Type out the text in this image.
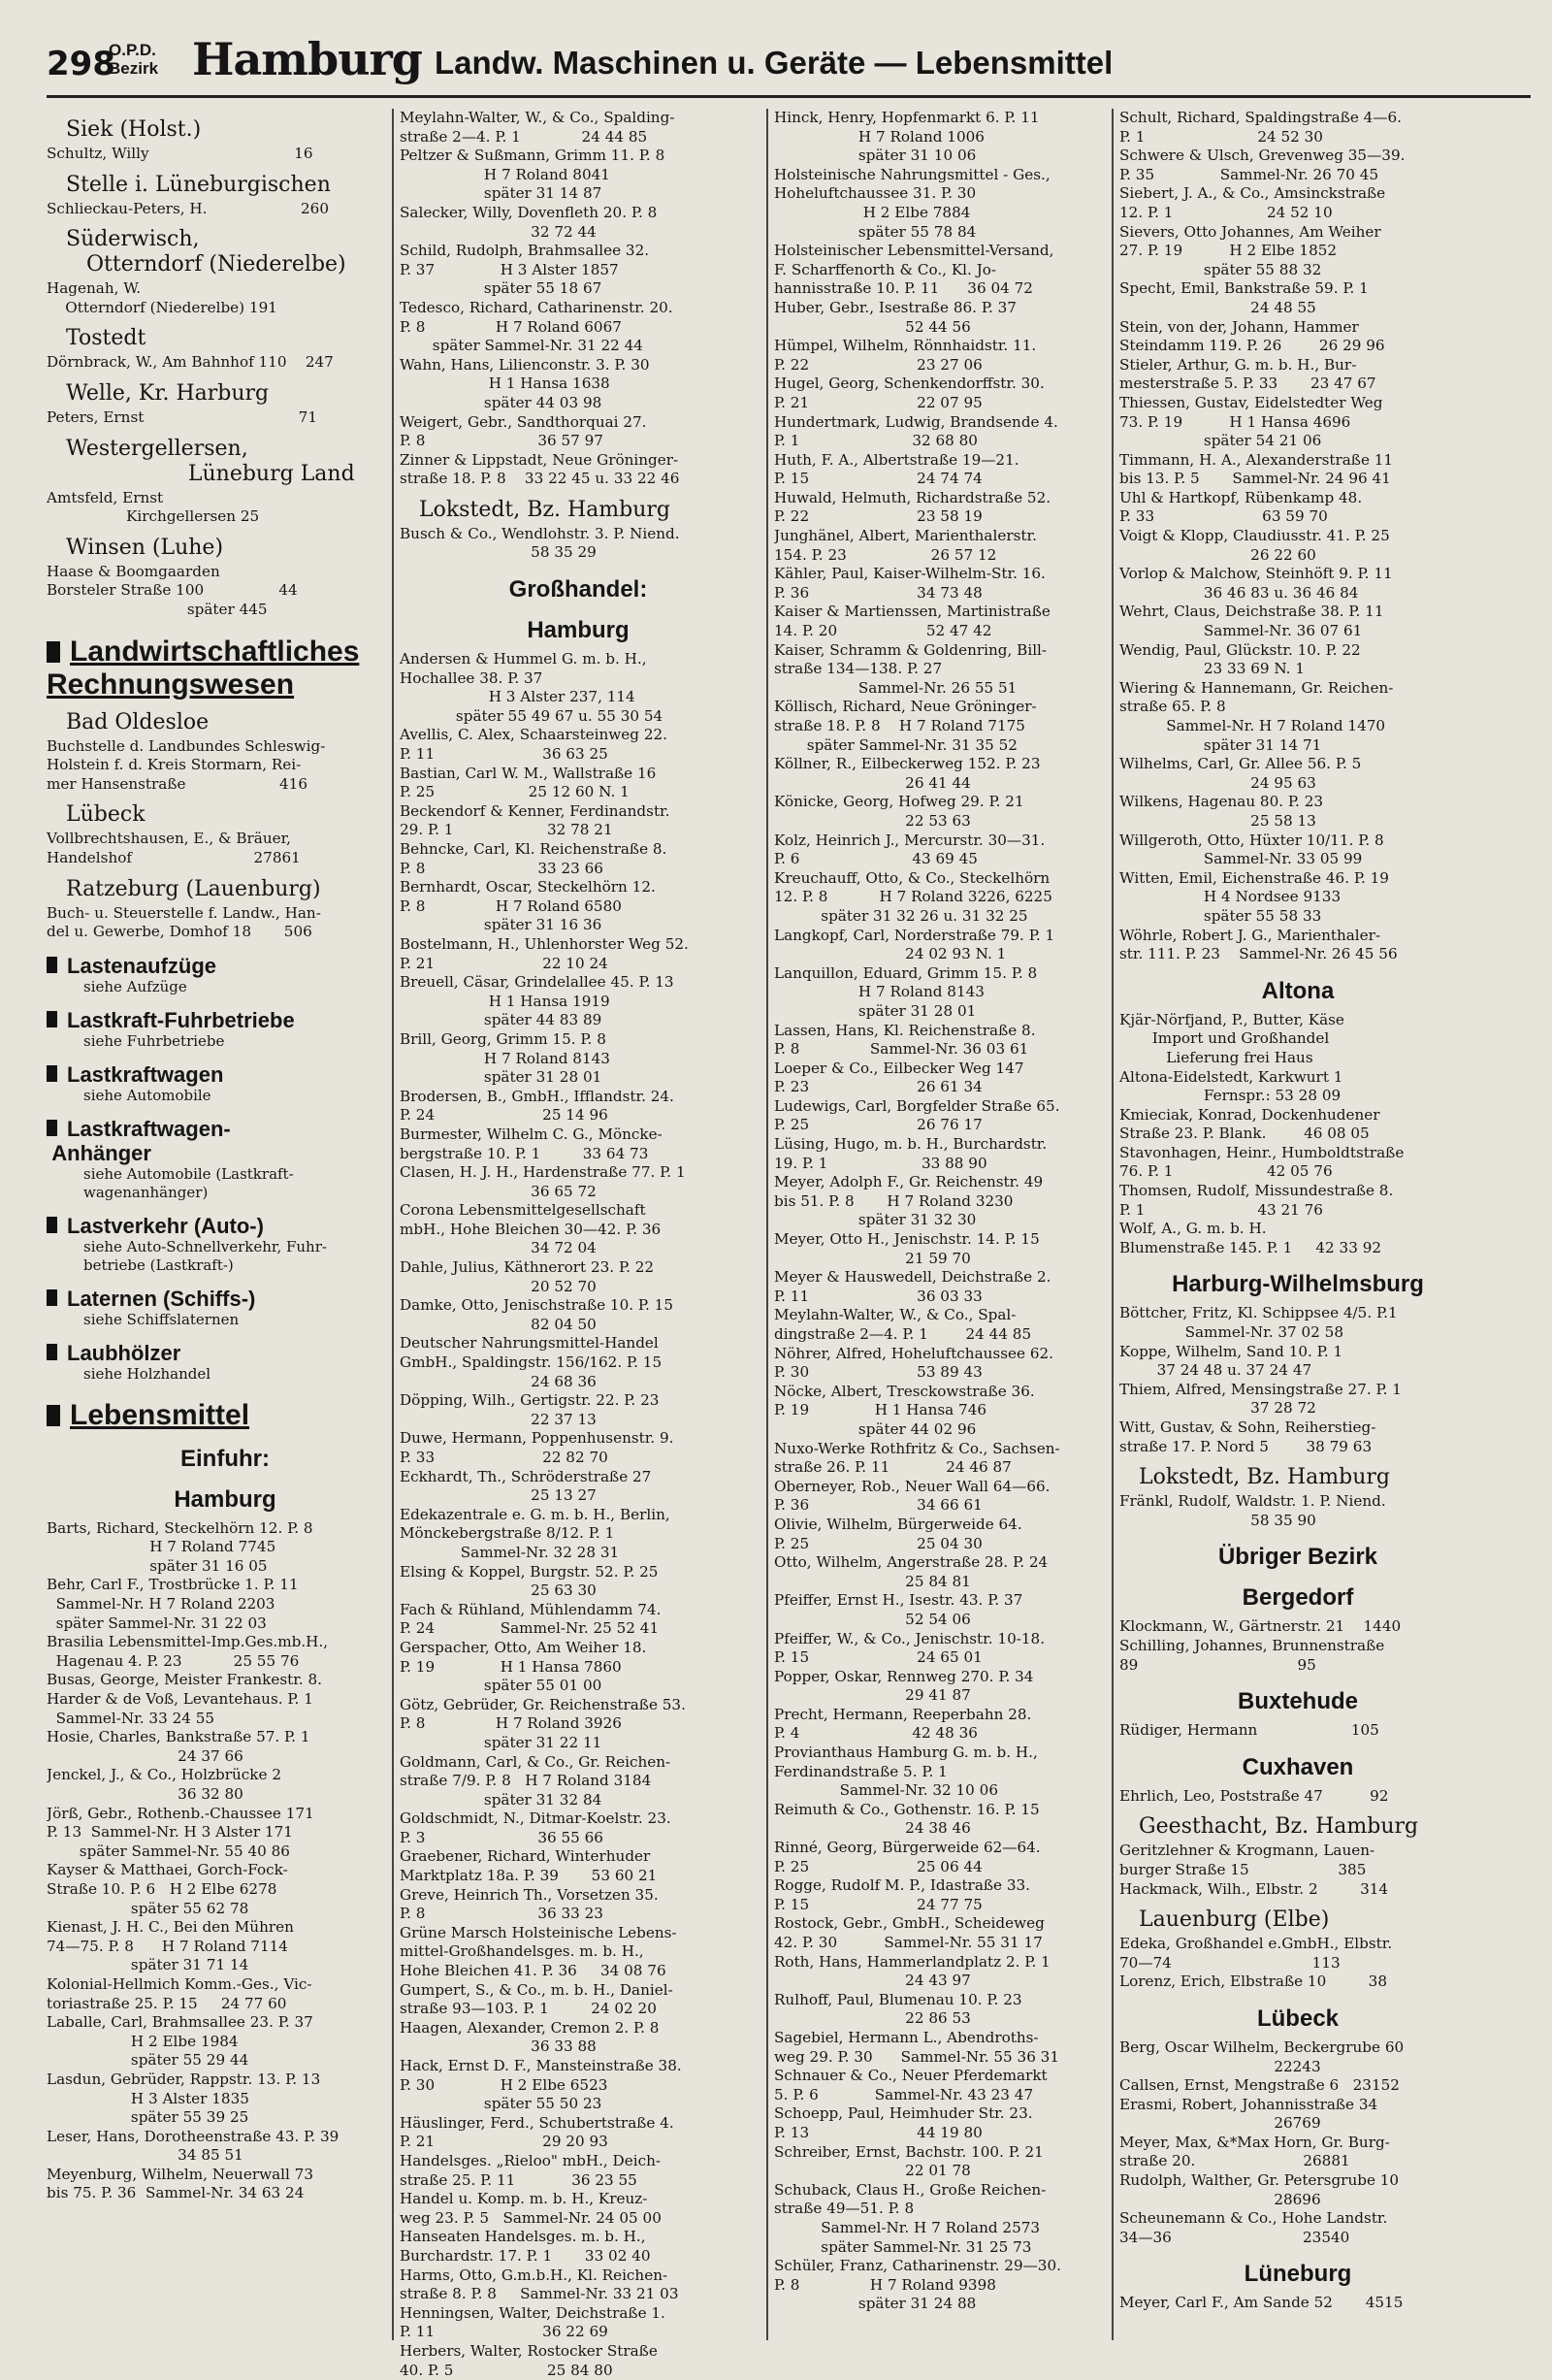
298
O.P.D.
Bezirk Hamburg Landw. Maschinen u. Geräte — Lebensmittel
Siek (Holst.)
Schultz, Willy                               16
Stelle i. Lüneburgischen
Schlieckau-Peters, H.                    260
Süderwisch,
Otterndorf (Niederelbe)
Hagenah, W.
Otterndorf (Niederelbe) 191
Tostedt
Dörnbrack, W., Am Bahnhof 110    247
Welle, Kr. Harburg
Peters, Ernst                                 71
Westergellersen,
Lüneburg Land
Amtsfeld, Ernst
Kirchgellersen 25
Winsen (Luhe)
Haase & Boomgaarden
Borsteler Straße 100                44
später 445
Landwirtschaftliches
Rechnungswesen
Bad Oldesloe
Buchstelle d. Landbundes Schleswig-
Holstein f. d. Kreis Stormarn, Rei-
mer Hansenstraße                    416
Lübeck
Vollbrechtshausen, E., & Bräuer,
Handelshof                          27861
Ratzeburg (Lauenburg)
Buch- u. Steuerstelle f. Landw., Han-
del u. Gewerbe, Domhof 18       506
Lastenaufzüge
siehe Aufzüge
Lastkraft-Fuhrbetriebe
siehe Fuhrbetriebe
Lastkraftwagen
siehe Automobile
Lastkraftwagen-
Anhänger
siehe Automobile (Lastkraft-
wagenanhänger)
Lastverkehr (Auto-)
siehe Auto-Schnellverkehr, Fuhr-
betriebe (Lastkraft-)
Laternen (Schiffs-)
siehe Schiffslaternen
Laubhölzer
siehe Holzhandel
Lebensmittel
Einfuhr:
Hamburg
Barts, Richard, Steckelhörn 12. P. 8
H 7 Roland 7745
später 31 16 05
Behr, Carl F., Trostbrücke 1. P. 11
Sammel-Nr. H 7 Roland 2203
später Sammel-Nr. 31 22 03
Brasilia Lebensmittel-Imp.Ges.mb.H.,
Hagenau 4. P. 23           25 55 76
Busas, George, Meister Frankestr. 8.
Harder & de Voß, Levantehaus. P. 1
Sammel-Nr. 33 24 55
Hosie, Charles, Bankstraße 57. P. 1
24 37 66
Jenckel, J., & Co., Holzbrücke 2
36 32 80
Jörß, Gebr., Rothenb.-Chaussee 171
P. 13  Sammel-Nr. H 3 Alster 171
später Sammel-Nr. 55 40 86
Kayser & Matthaei, Gorch-Fock-
Straße 10. P. 6   H 2 Elbe 6278
später 55 62 78
Kienast, J. H. C., Bei den Mühren
74—75. P. 8      H 7 Roland 7114
später 31 71 14
Kolonial-Hellmich Komm.-Ges., Vic-
toriastraße 25. P. 15     24 77 60
Laballe, Carl, Brahmsallee 23. P. 37
H 2 Elbe 1984
später 55 29 44
Lasdun, Gebrüder, Rappstr. 13. P. 13
H 3 Alster 1835
später 55 39 25
Leser, Hans, Dorotheenstraße 43. P. 39
34 85 51
Meyenburg, Wilhelm, Neuerwall 73
bis 75. P. 36  Sammel-Nr. 34 63 24
Meylahn-Walter, W., & Co., Spalding-
straße 2—4. P. 1             24 44 85
Peltzer & Sußmann, Grimm 11. P. 8
H 7 Roland 8041
später 31 14 87
Salecker, Willy, Dovenfleth 20. P. 8
32 72 44
Schild, Rudolph, Brahmsallee 32.
P. 37              H 3 Alster 1857
später 55 18 67
Tedesco, Richard, Catharinenstr. 20.
P. 8               H 7 Roland 6067
später Sammel-Nr. 31 22 44
Wahn, Hans, Lilienconstr. 3. P. 30
H 1 Hansa 1638
später 44 03 98
Weigert, Gebr., Sandthorquai 27.
P. 8                        36 57 97
Zinner & Lippstadt, Neue Gröninger-
straße 18. P. 8    33 22 45 u. 33 22 46
Lokstedt, Bz. Hamburg
Busch & Co., Wendlohstr. 3. P. Niend.
58 35 29
Großhandel:
Hamburg
Andersen & Hummel G. m. b. H.,
Hochallee 38. P. 37
H 3 Alster 237, 114
später 55 49 67 u. 55 30 54
Avellis, C. Alex, Schaarsteinweg 22.
P. 11                       36 63 25
Bastian, Carl W. M., Wallstraße 16
P. 25                    25 12 60 N. 1
Beckendorf & Kenner, Ferdinandstr.
29. P. 1                    32 78 21
Behncke, Carl, Kl. Reichenstraße 8.
P. 8                        33 23 66
Bernhardt, Oscar, Steckelhörn 12.
P. 8               H 7 Roland 6580
später 31 16 36
Bostelmann, H., Uhlenhorster Weg 52.
P. 21                       22 10 24
Breuell, Cäsar, Grindelallee 45. P. 13
H 1 Hansa 1919
später 44 83 89
Brill, Georg, Grimm 15. P. 8
H 7 Roland 8143
später 31 28 01
Brodersen, B., GmbH., Ifflandstr. 24.
P. 24                       25 14 96
Burmester, Wilhelm C. G., Möncke-
bergstraße 10. P. 1         33 64 73
Clasen, H. J. H., Hardenstraße 77. P. 1
36 65 72
Corona Lebensmittelgesellschaft
mbH., Hohe Bleichen 30—42. P. 36
34 72 04
Dahle, Julius, Käthnerort 23. P. 22
20 52 70
Damke, Otto, Jenischstraße 10. P. 15
82 04 50
Deutscher Nahrungsmittel-Handel
GmbH., Spaldingstr. 156/162. P. 15
24 68 36
Döpping, Wilh., Gertigstr. 22. P. 23
22 37 13
Duwe, Hermann, Poppenhusenstr. 9.
P. 33                       22 82 70
Eckhardt, Th., Schröderstraße 27
25 13 27
Edekazentrale e. G. m. b. H., Berlin,
Mönckebergstraße 8/12. P. 1
Sammel-Nr. 32 28 31
Elsing & Koppel, Burgstr. 52. P. 25
25 63 30
Fach & Rühland, Mühlendamm 74.
P. 24              Sammel-Nr. 25 52 41
Gerspacher, Otto, Am Weiher 18.
P. 19              H 1 Hansa 7860
später 55 01 00
Götz, Gebrüder, Gr. Reichenstraße 53.
P. 8               H 7 Roland 3926
später 31 22 11
Goldmann, Carl, & Co., Gr. Reichen-
straße 7/9. P. 8   H 7 Roland 3184
später 31 32 84
Goldschmidt, N., Ditmar-Koelstr. 23.
P. 3                        36 55 66
Graebener, Richard, Winterhuder
Marktplatz 18a. P. 39       53 60 21
Greve, Heinrich Th., Vorsetzen 35.
P. 8                        36 33 23
Grüne Marsch Holsteinische Lebens-
mittel-Großhandelsges. m. b. H.,
Hohe Bleichen 41. P. 36     34 08 76
Gumpert, S., & Co., m. b. H., Daniel-
straße 93—103. P. 1         24 02 20
Haagen, Alexander, Cremon 2. P. 8
36 33 88
Hack, Ernst D. F., Mansteinstraße 38.
P. 30              H 2 Elbe 6523
später 55 50 23
Häuslinger, Ferd., Schubertstraße 4.
P. 21                       29 20 93
Handelsges. „Rieloo" mbH., Deich-
straße 25. P. 11            36 23 55
Handel u. Komp. m. b. H., Kreuz-
weg 23. P. 5   Sammel-Nr. 24 05 00
Hanseaten Handelsges. m. b. H.,
Burchardstr. 17. P. 1       33 02 40
Harms, Otto, G.m.b.H., Kl. Reichen-
straße 8. P. 8     Sammel-Nr. 33 21 03
Henningsen, Walter, Deichstraße 1.
P. 11                       36 22 69
Herbers, Walter, Rostocker Straße
40. P. 5                    25 84 80
Hinck, Henry, Hopfenmarkt 6. P. 11
H 7 Roland 1006
später 31 10 06
Holsteinische Nahrungsmittel - Ges.,
Hoheluftchaussee 31. P. 30
H 2 Elbe 7884
später 55 78 84
Holsteinischer Lebensmittel-Versand,
F. Scharffenorth & Co., Kl. Jo-
hannisstraße 10. P. 11      36 04 72
Huber, Gebr., Isestraße 86. P. 37
52 44 56
Hümpel, Wilhelm, Rönnhaidstr. 11.
P. 22                       23 27 06
Hugel, Georg, Schenkendorffstr. 30.
P. 21                       22 07 95
Hundertmark, Ludwig, Brandsende 4.
P. 1                        32 68 80
Huth, F. A., Albertstraße 19—21.
P. 15                       24 74 74
Huwald, Helmuth, Richardstraße 52.
P. 22                       23 58 19
Junghänel, Albert, Marienthalerstr.
154. P. 23                  26 57 12
Kähler, Paul, Kaiser-Wilhelm-Str. 16.
P. 36                       34 73 48
Kaiser & Martienssen, Martinistraße
14. P. 20                   52 47 42
Kaiser, Schramm & Goldenring, Bill-
straße 134—138. P. 27
Sammel-Nr. 26 55 51
Köllisch, Richard, Neue Gröninger-
straße 18. P. 8    H 7 Roland 7175
später Sammel-Nr. 31 35 52
Köllner, R., Eilbeckerweg 152. P. 23
26 41 44
Könicke, Georg, Hofweg 29. P. 21
22 53 63
Kolz, Heinrich J., Mercurstr. 30—31.
P. 6                        43 69 45
Kreuchauff, Otto, & Co., Steckelhörn
12. P. 8           H 7 Roland 3226, 6225
später 31 32 26 u. 31 32 25
Langkopf, Carl, Norderstraße 79. P. 1
24 02 93 N. 1
Lanquillon, Eduard, Grimm 15. P. 8
H 7 Roland 8143
später 31 28 01
Lassen, Hans, Kl. Reichenstraße 8.
P. 8               Sammel-Nr. 36 03 61
Loeper & Co., Eilbecker Weg 147
P. 23                       26 61 34
Ludewigs, Carl, Borgfelder Straße 65.
P. 25                       26 76 17
Lüsing, Hugo, m. b. H., Burchardstr.
19. P. 1                    33 88 90
Meyer, Adolph F., Gr. Reichenstr. 49
bis 51. P. 8       H 7 Roland 3230
später 31 32 30
Meyer, Otto H., Jenischstr. 14. P. 15
21 59 70
Meyer & Hauswedell, Deichstraße 2.
P. 11                       36 03 33
Meylahn-Walter, W., & Co., Spal-
dingstraße 2—4. P. 1        24 44 85
Nöhrer, Alfred, Hoheluftchaussee 62.
P. 30                       53 89 43
Nöcke, Albert, Tresckowstraße 36.
P. 19              H 1 Hansa 746
später 44 02 96
Nuxo-Werke Rothfritz & Co., Sachsen-
straße 26. P. 11            24 46 87
Oberneyer, Rob., Neuer Wall 64—66.
P. 36                       34 66 61
Olivie, Wilhelm, Bürgerweide 64.
P. 25                       25 04 30
Otto, Wilhelm, Angerstraße 28. P. 24
25 84 81
Pfeiffer, Ernst H., Isestr. 43. P. 37
52 54 06
Pfeiffer, W., & Co., Jenischstr. 10-18.
P. 15                       24 65 01
Popper, Oskar, Rennweg 270. P. 34
29 41 87
Precht, Hermann, Reeperbahn 28.
P. 4                        42 48 36
Provianthaus Hamburg G. m. b. H.,
Ferdinandstraße 5. P. 1
Sammel-Nr. 32 10 06
Reimuth & Co., Gothenstr. 16. P. 15
24 38 46
Rinné, Georg, Bürgerweide 62—64.
P. 25                       25 06 44
Rogge, Rudolf M. P., Idastraße 33.
P. 15                       24 77 75
Rostock, Gebr., GmbH., Scheideweg
42. P. 30          Sammel-Nr. 55 31 17
Roth, Hans, Hammerlandplatz 2. P. 1
24 43 97
Rulhoff, Paul, Blumenau 10. P. 23
22 86 53
Sagebiel, Hermann L., Abendroths-
weg 29. P. 30      Sammel-Nr. 55 36 31
Schnauer & Co., Neuer Pferdemarkt
5. P. 6            Sammel-Nr. 43 23 47
Schoepp, Paul, Heimhuder Str. 23.
P. 13                       44 19 80
Schreiber, Ernst, Bachstr. 100. P. 21
22 01 78
Schuback, Claus H., Große Reichen-
straße 49—51. P. 8
Sammel-Nr. H 7 Roland 2573
später Sammel-Nr. 31 25 73
Schüler, Franz, Catharinenstr. 29—30.
P. 8               H 7 Roland 9398
später 31 24 88
Schult, Richard, Spaldingstraße 4—6.
P. 1                        24 52 30
Schwere & Ulsch, Grevenweg 35—39.
P. 35              Sammel-Nr. 26 70 45
Siebert, J. A., & Co., Amsinckstraße
12. P. 1                    24 52 10
Sievers, Otto Johannes, Am Weiher
27. P. 19          H 2 Elbe 1852
später 55 88 32
Specht, Emil, Bankstraße 59. P. 1
24 48 55
Stein, von der, Johann, Hammer
Steindamm 119. P. 26        26 29 96
Stieler, Arthur, G. m. b. H., Bur-
mesterstraße 5. P. 33       23 47 67
Thiessen, Gustav, Eidelstedter Weg
73. P. 19          H 1 Hansa 4696
später 54 21 06
Timmann, H. A., Alexanderstraße 11
bis 13. P. 5       Sammel-Nr. 24 96 41
Uhl & Hartkopf, Rübenkamp 48.
P. 33                       63 59 70
Voigt & Klopp, Claudiusstr. 41. P. 25
26 22 60
Vorlop & Malchow, Steinhöft 9. P. 11
36 46 83 u. 36 46 84
Wehrt, Claus, Deichstraße 38. P. 11
Sammel-Nr. 36 07 61
Wendig, Paul, Glückstr. 10. P. 22
23 33 69 N. 1
Wiering & Hannemann, Gr. Reichen-
straße 65. P. 8
Sammel-Nr. H 7 Roland 1470
später 31 14 71
Wilhelms, Carl, Gr. Allee 56. P. 5
24 95 63
Wilkens, Hagenau 80. P. 23
25 58 13
Willgeroth, Otto, Hüxter 10/11. P. 8
Sammel-Nr. 33 05 99
Witten, Emil, Eichenstraße 46. P. 19
H 4 Nordsee 9133
später 55 58 33
Wöhrle, Robert J. G., Marienthaler-
str. 111. P. 23    Sammel-Nr. 26 45 56
Altona
Kjär-Nörfjand, P., Butter, Käse
Import und Großhandel
Lieferung frei Haus
Altona-Eidelstedt, Karkwurt 1
Fernspr.: 53 28 09
Kmieciak, Konrad, Dockenhudener
Straße 23. P. Blank.        46 08 05
Stavonhagen, Heinr., Humboldtstraße
76. P. 1                    42 05 76
Thomsen, Rudolf, Missundestraße 8.
P. 1                        43 21 76
Wolf, A., G. m. b. H.
Blumenstraße 145. P. 1     42 33 92
Harburg-Wilhelmsburg
Böttcher, Fritz, Kl. Schippsee 4/5. P.1
Sammel-Nr. 37 02 58
Koppe, Wilhelm, Sand 10. P. 1
37 24 48 u. 37 24 47
Thiem, Alfred, Mensingstraße 27. P. 1
37 28 72
Witt, Gustav, & Sohn, Reiherstieg-
straße 17. P. Nord 5        38 79 63
Lokstedt, Bz. Hamburg
Fränkl, Rudolf, Waldstr. 1. P. Niend.
58 35 90
Übriger Bezirk
Bergedorf
Klockmann, W., Gärtnerstr. 21    1440
Schilling, Johannes, Brunnenstraße
89                                  95
Buxtehude
Rüdiger, Hermann                    105
Cuxhaven
Ehrlich, Leo, Poststraße 47          92
Geesthacht, Bz. Hamburg
Geritzlehner & Krogmann, Lauen-
burger Straße 15                   385
Hackmack, Wilh., Elbstr. 2         314
Lauenburg (Elbe)
Edeka, Großhandel e.GmbH., Elbstr.
70—74                              113
Lorenz, Erich, Elbstraße 10         38
Lübeck
Berg, Oscar Wilhelm, Beckergrube 60
22243
Callsen, Ernst, Mengstraße 6   23152
Erasmi, Robert, Johannisstraße 34
26769
Meyer, Max, &*Max Horn, Gr. Burg-
straße 20.                       26881
Rudolph, Walther, Gr. Petersgrube 10
28696
Scheunemann & Co., Hohe Landstr.
34—36                            23540
Lüneburg
Meyer, Carl F., Am Sande 52       4515
